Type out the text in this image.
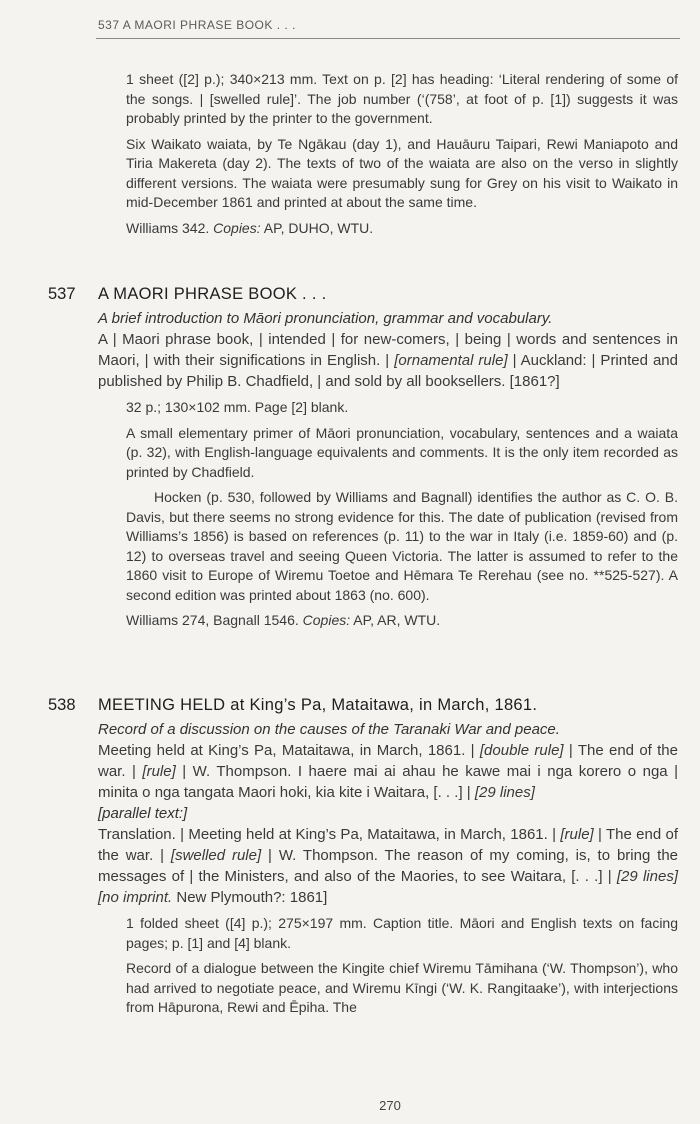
537 A MAORI PHRASE BOOK . . .

1 sheet ([2] p.); 340×213 mm. Text on p. [2] has heading: ‘Literal rendering of some of the songs. | [swelled rule]’. The job number (‘(758’, at foot of p. [1]) suggests it was probably printed by the printer to the government.

Six Waikato waiata, by Te Ngākau (day 1), and Hauāuru Taipari, Rewi Maniapoto and Tiria Makereta (day 2). The texts of two of the waiata are also on the verso in slightly different versions. The waiata were presumably sung for Grey on his visit to Waikato in mid-December 1861 and printed at about the same time.

Williams 342. Copies: AP, DUHO, WTU.

537 A MAORI PHRASE BOOK . . .
A brief introduction to Māori pronunciation, grammar and vocabulary.
A | Maori phrase book, | intended | for new-comers, | being | words and sentences in Maori, | with their significations in English. | [ornamental rule] | Auckland: | Printed and published by Philip B. Chadfield, | and sold by all booksellers. [1861?]

32 p.; 130×102 mm. Page [2] blank.

A small elementary primer of Māori pronunciation, vocabulary, sentences and a waiata (p. 32), with English-language equivalents and comments. It is the only item recorded as printed by Chadfield.

Hocken (p. 530, followed by Williams and Bagnall) identifies the author as C. O. B. Davis, but there seems no strong evidence for this. The date of publication (revised from Williams’s 1856) is based on references (p. 11) to the war in Italy (i.e. 1859-60) and (p. 12) to overseas travel and seeing Queen Victoria. The latter is assumed to refer to the 1860 visit to Europe of Wiremu Toetoe and Hēmara Te Rerehau (see no. **525-527). A second edition was printed about 1863 (no. 600).

Williams 274, Bagnall 1546. Copies: AP, AR, WTU.

538 MEETING HELD at King’s Pa, Mataitawa, in March, 1861.
Record of a discussion on the causes of the Taranaki War and peace.
Meeting held at King’s Pa, Mataitawa, in March, 1861. | [double rule] | The end of the war. | [rule] | W. Thompson. I haere mai ai ahau he kawe mai i nga korero o nga | minita o nga tangata Maori hoki, kia kite i Waitara, [. . .] | [29 lines]
[parallel text:]
Translation. | Meeting held at King’s Pa, Mataitawa, in March, 1861. | [rule] | The end of the war. | [swelled rule] | W. Thompson. The reason of my coming, is, to bring the messages of | the Ministers, and also of the Maories, to see Waitara, [. . .] | [29 lines] [no imprint. New Plymouth?: 1861]

1 folded sheet ([4] p.); 275×197 mm. Caption title. Māori and English texts on facing pages; p. [1] and [4] blank.

Record of a dialogue between the Kingite chief Wiremu Tāmihana (‘W. Thompson’), who had arrived to negotiate peace, and Wiremu Kīngi (‘W. K. Rangitaake’), with interjections from Hāpurona, Rewi and Ēpiha. The

270
